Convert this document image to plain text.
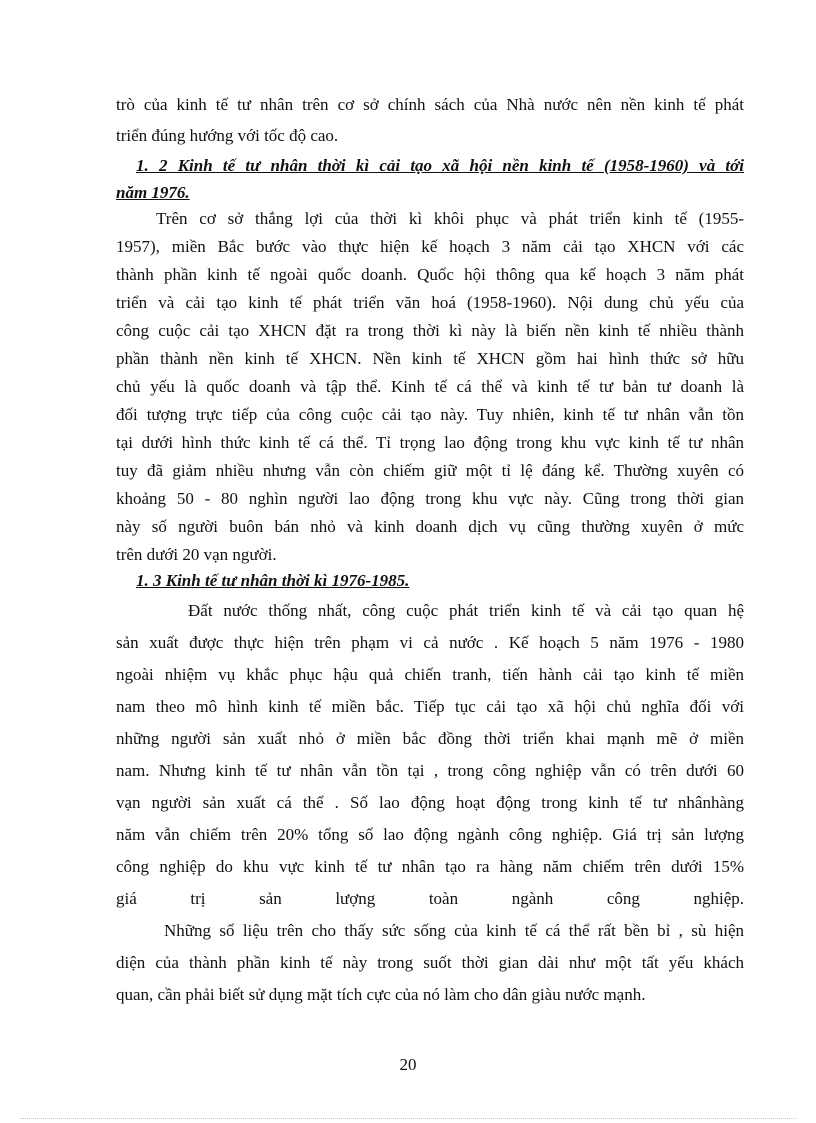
trò của kinh tế tư nhân trên cơ sở chính sách của Nhà nước nên nền kinh tế phát
triển đúng hướng với tốc độ cao.
1. 2 Kinh tế tư nhân thời kì cải tạo xã hội nền kinh tế (1958-1960) và tới
năm 1976.
Trên cơ sở thắng lợi của thời kì khôi phục và phát triển kinh tế (1955-
1957), miền Bắc bước vào thực hiện kế hoạch 3 năm cải tạo XHCN với các
thành phần kinh tế ngoài quốc doanh. Quốc hội thông qua kế hoạch 3 năm phát
triển và cải tạo kinh tế phát triển văn hoá (1958-1960). Nội dung chủ yếu của
công cuộc cải tạo XHCN đặt ra trong thời kì này là biến nền kinh tế nhiều thành
phần thành nền kinh tế XHCN. Nền kinh tế XHCN gồm hai hình thức sở hữu
chủ yếu là quốc doanh và tập thể. Kinh tế cá thể và kinh tế tư bản tư doanh là
đối tượng trực tiếp của công cuộc cải tạo này. Tuy nhiên, kinh tế tư nhân vẫn tồn
tại dưới hình thức kinh tế cá thể. Tỉ trọng lao động trong khu vực kinh tế tư nhân
tuy đã giảm nhiều nhưng vẫn còn chiếm giữ một tỉ lệ đáng kể. Thường xuyên có
khoảng 50 - 80 nghìn người lao động trong khu vực này. Cũng trong thời gian
này số người buôn bán nhỏ và kinh doanh dịch vụ cũng thường xuyên ở mức
trên dưới 20 vạn người.
1. 3 Kinh tế tư nhân thời kì 1976-1985.
Đất nước thống nhất, công cuộc phát triển kinh tế và cải tạo quan hệ
sản xuất được thực hiện trên phạm vi cả nước . Kế hoạch 5 năm 1976 - 1980
ngoài nhiệm vụ khắc phục hậu quả chiến tranh, tiến hành cải tạo kinh tế miền
nam theo mô hình kinh tế miền bắc. Tiếp tục cải tạo xã hội chủ nghĩa đối với
những người sản xuất nhỏ ở miền bắc đồng thời triển khai mạnh mẽ ở miền
nam. Nhưng kinh tế tư nhân vẫn tồn tại , trong công nghiệp vẫn có trên dưới 60
vạn người sản xuất cá thể . Số lao động hoạt động trong kinh tế tư nhânhàng
năm vẫn chiếm trên 20% tổng số lao động ngành công nghiệp. Giá trị sản lượng
công nghiệp do khu vực kinh tế tư nhân tạo ra hàng năm chiếm trên dưới 15%
giá trị sản lượng toàn ngành công nghiệp.
Những số liệu trên cho thấy sức sống của kinh tế cá thể rất bền bỉ , sù hiện
diện của thành phần kinh tế này trong suốt thời gian dài như một tất yếu khách
quan, cần phải biết sử dụng mặt tích cực của nó làm cho dân giàu nước mạnh.
20
